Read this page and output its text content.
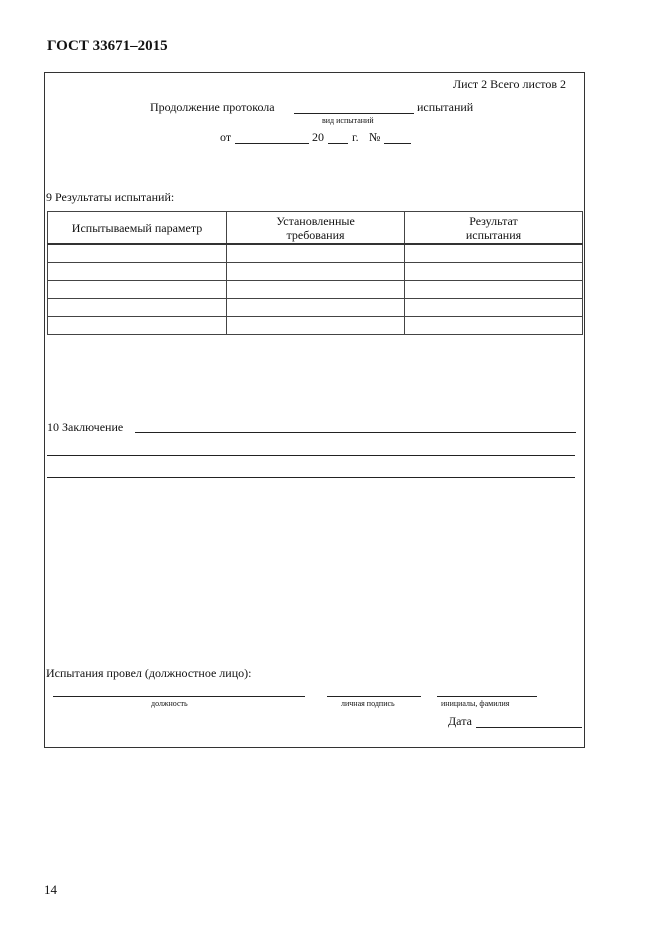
ГОСТ 33671–2015
Лист 2 Всего листов 2
Продолжение протокола	испытаний
вид испытаний
от	20 г. №
9 Результаты испытаний:
Испытываемый параметр	Установленные требования	Результат испытания

10 Заключение
Испытания провел (должностное лицо):
должность	личная подпись	инициалы, фамилия
Дата
14
